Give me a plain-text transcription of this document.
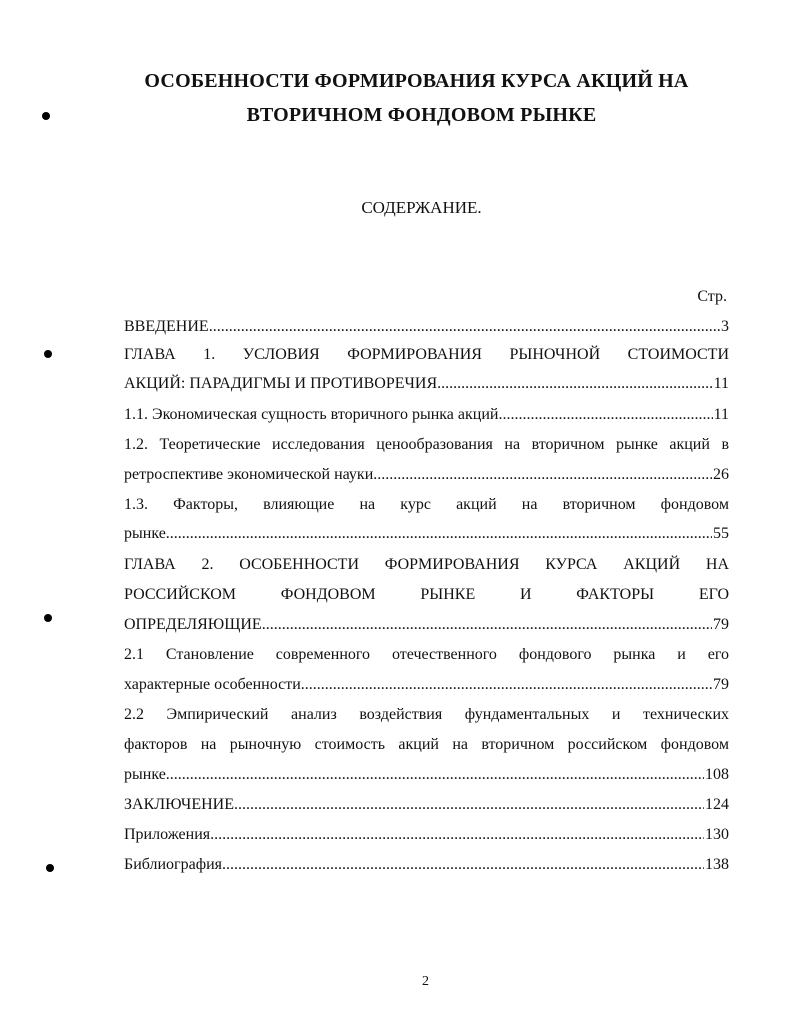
ОСОБЕННОСТИ ФОРМИРОВАНИЯ КУРСА АКЦИЙ НА
ВТОРИЧНОМ ФОНДОВОМ РЫНКЕ
СОДЕРЖАНИЕ.
Стр.
ВВЕДЕНИЕ .....	3
ГЛАВА 1. УСЛОВИЯ ФОРМИРОВАНИЯ РЫНОЧНОЙ СТОИМОСТИ
АКЦИЙ: ПАРАДИГМЫ И ПРОТИВОРЕЧИЯ .....	11
1.1. Экономическая сущность вторичного рынка акций .....	11
1.2. Теоретические исследования ценообразования на вторичном рынке акций в
ретроспективе экономической науки .....	26
1.3. Факторы, влияющие на курс акций на вторичном фондовом
рынке .....	55
ГЛАВА 2. ОСОБЕННОСТИ ФОРМИРОВАНИЯ КУРСА АКЦИЙ НА
РОССИЙСКОМ ФОНДОВОМ РЫНКЕ И ФАКТОРЫ ЕГО
ОПРЕДЕЛЯЮЩИЕ .....	79
2.1 Становление современного отечественного фондового рынка и его
характерные особенности .....	79
2.2 Эмпирический анализ воздействия фундаментальных и технических
факторов на рыночную стоимость акций на вторичном российском фондовом
рынке .....	108
ЗАКЛЮЧЕНИЕ .....	124
Приложения .....	130
Библиография .....	138
2
